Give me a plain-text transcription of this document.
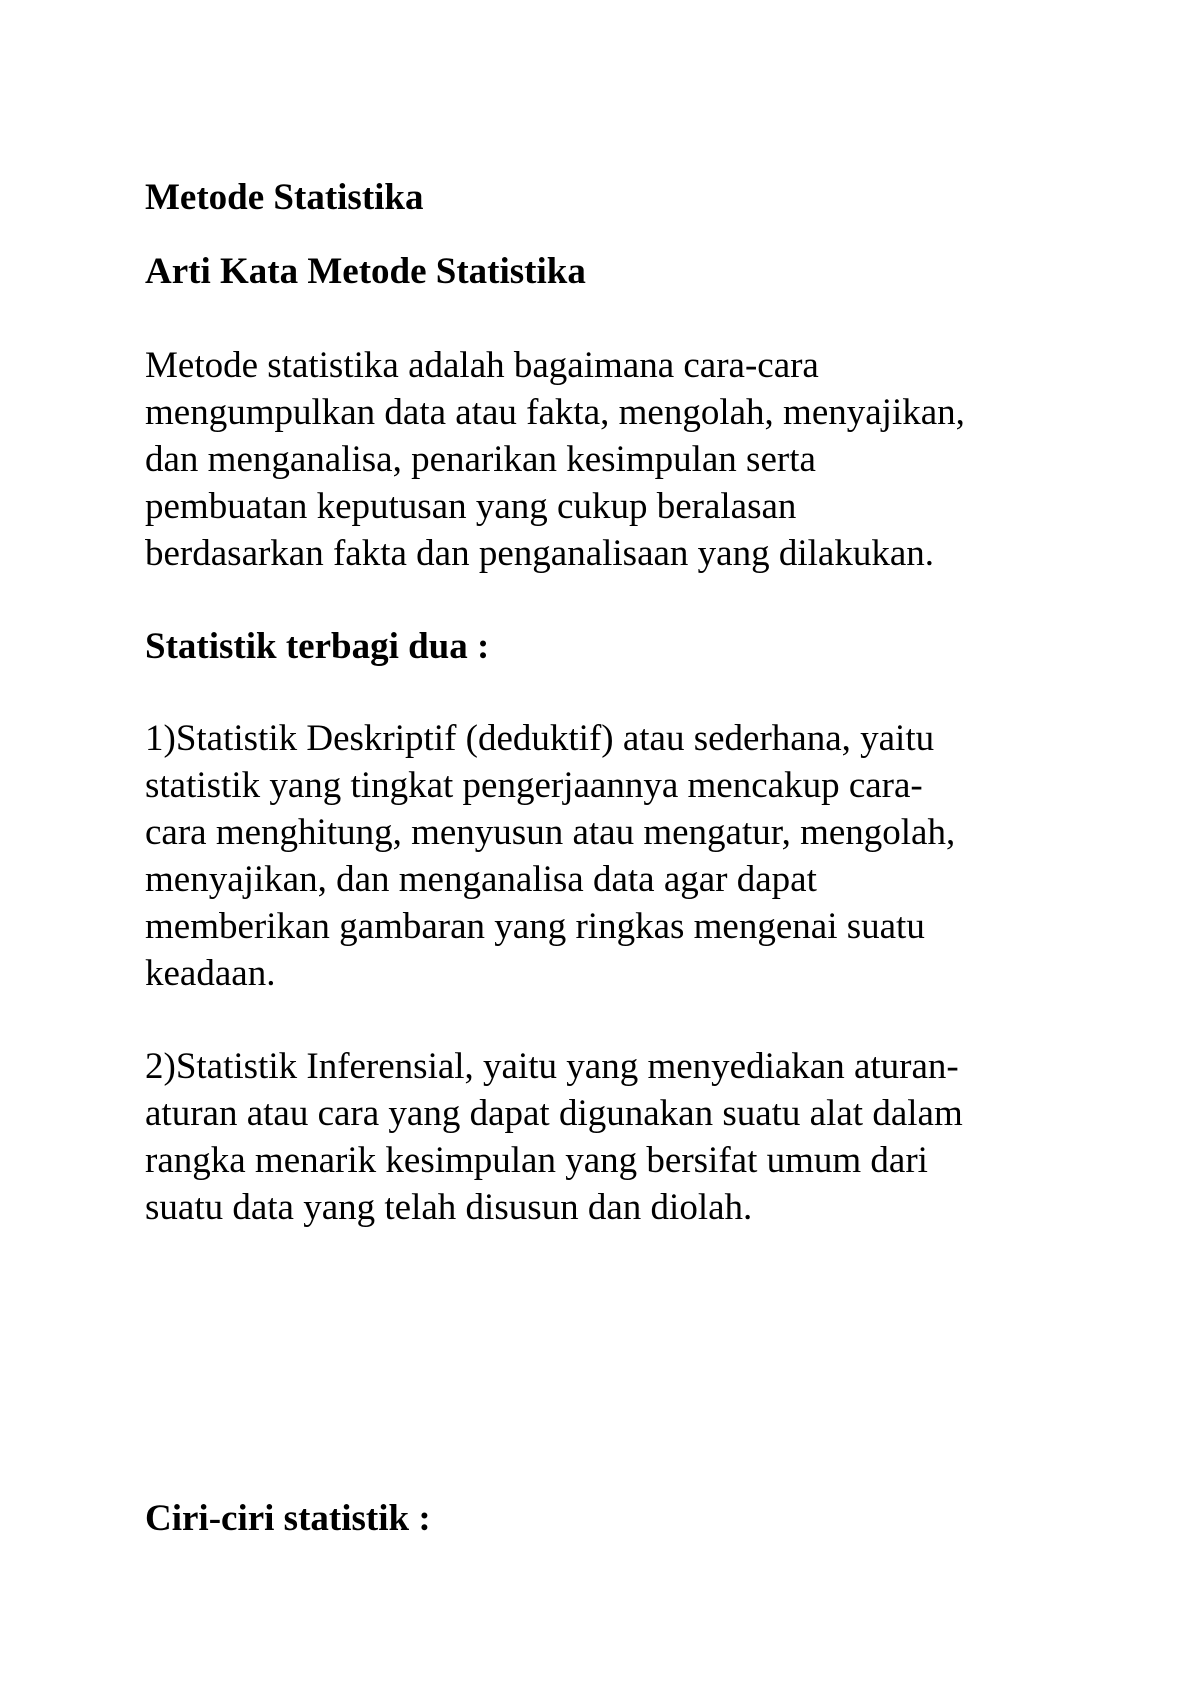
Metode Statistika
Arti Kata Metode Statistika

Metode statistika adalah bagaimana cara-cara
mengumpulkan data atau fakta, mengolah, menyajikan,
dan menganalisa, penarikan kesimpulan serta
pembuatan keputusan yang cukup beralasan
berdasarkan fakta dan penganalisaan yang dilakukan.

Statistik terbagi dua :

1)Statistik Deskriptif (deduktif) atau sederhana, yaitu
statistik yang tingkat pengerjaannya mencakup cara-
cara menghitung, menyusun atau mengatur, mengolah,
menyajikan, dan menganalisa data agar dapat
memberikan gambaran yang ringkas mengenai suatu
keadaan.

2)Statistik Inferensial, yaitu yang menyediakan aturan-
aturan atau cara yang dapat digunakan suatu alat dalam
rangka menarik kesimpulan yang bersifat umum dari
suatu data yang telah disusun dan diolah.

Ciri-ciri statistik :
